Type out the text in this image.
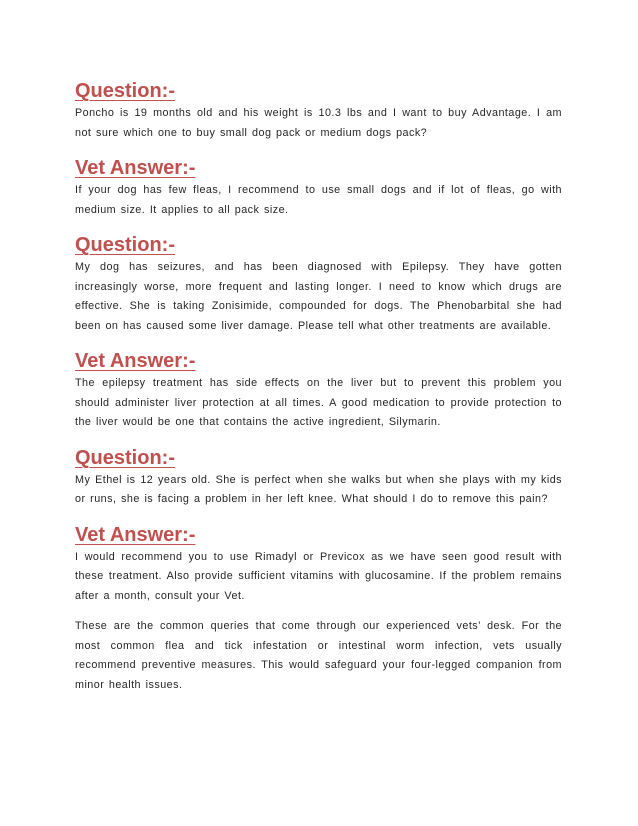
Question:-

Poncho is 19 months old and his weight is 10.3 lbs and I want to buy Advantage. I am not sure which one to buy small dog pack or medium dogs pack?

Vet Answer:-

If your dog has few fleas, I recommend to use small dogs and if lot of fleas, go with medium size. It applies to all pack size.

Question:-

My dog has seizures, and has been diagnosed with Epilepsy. They have gotten increasingly worse, more frequent and lasting longer. I need to know which drugs are effective. She is taking Zonisimide, compounded for dogs. The Phenobarbital she had been on has caused some liver damage. Please tell what other treatments are available.

Vet Answer:-

The epilepsy treatment has side effects on the liver but to prevent this problem you should administer liver protection at all times. A good medication to provide protection to the liver would be one that contains the active ingredient, Silymarin.

Question:-

My Ethel is 12 years old. She is perfect when she walks but when she plays with my kids or runs, she is facing a problem in her left knee. What should I do to remove this pain?

Vet Answer:-

I would recommend you to use Rimadyl or Previcox as we have seen good result with these treatment. Also provide sufficient vitamins with glucosamine. If the problem remains after a month, consult your Vet.

These are the common queries that come through our experienced vets’ desk. For the most common flea and tick infestation or intestinal worm infection, vets usually recommend preventive measures. This would safeguard your four-legged companion from minor health issues.
